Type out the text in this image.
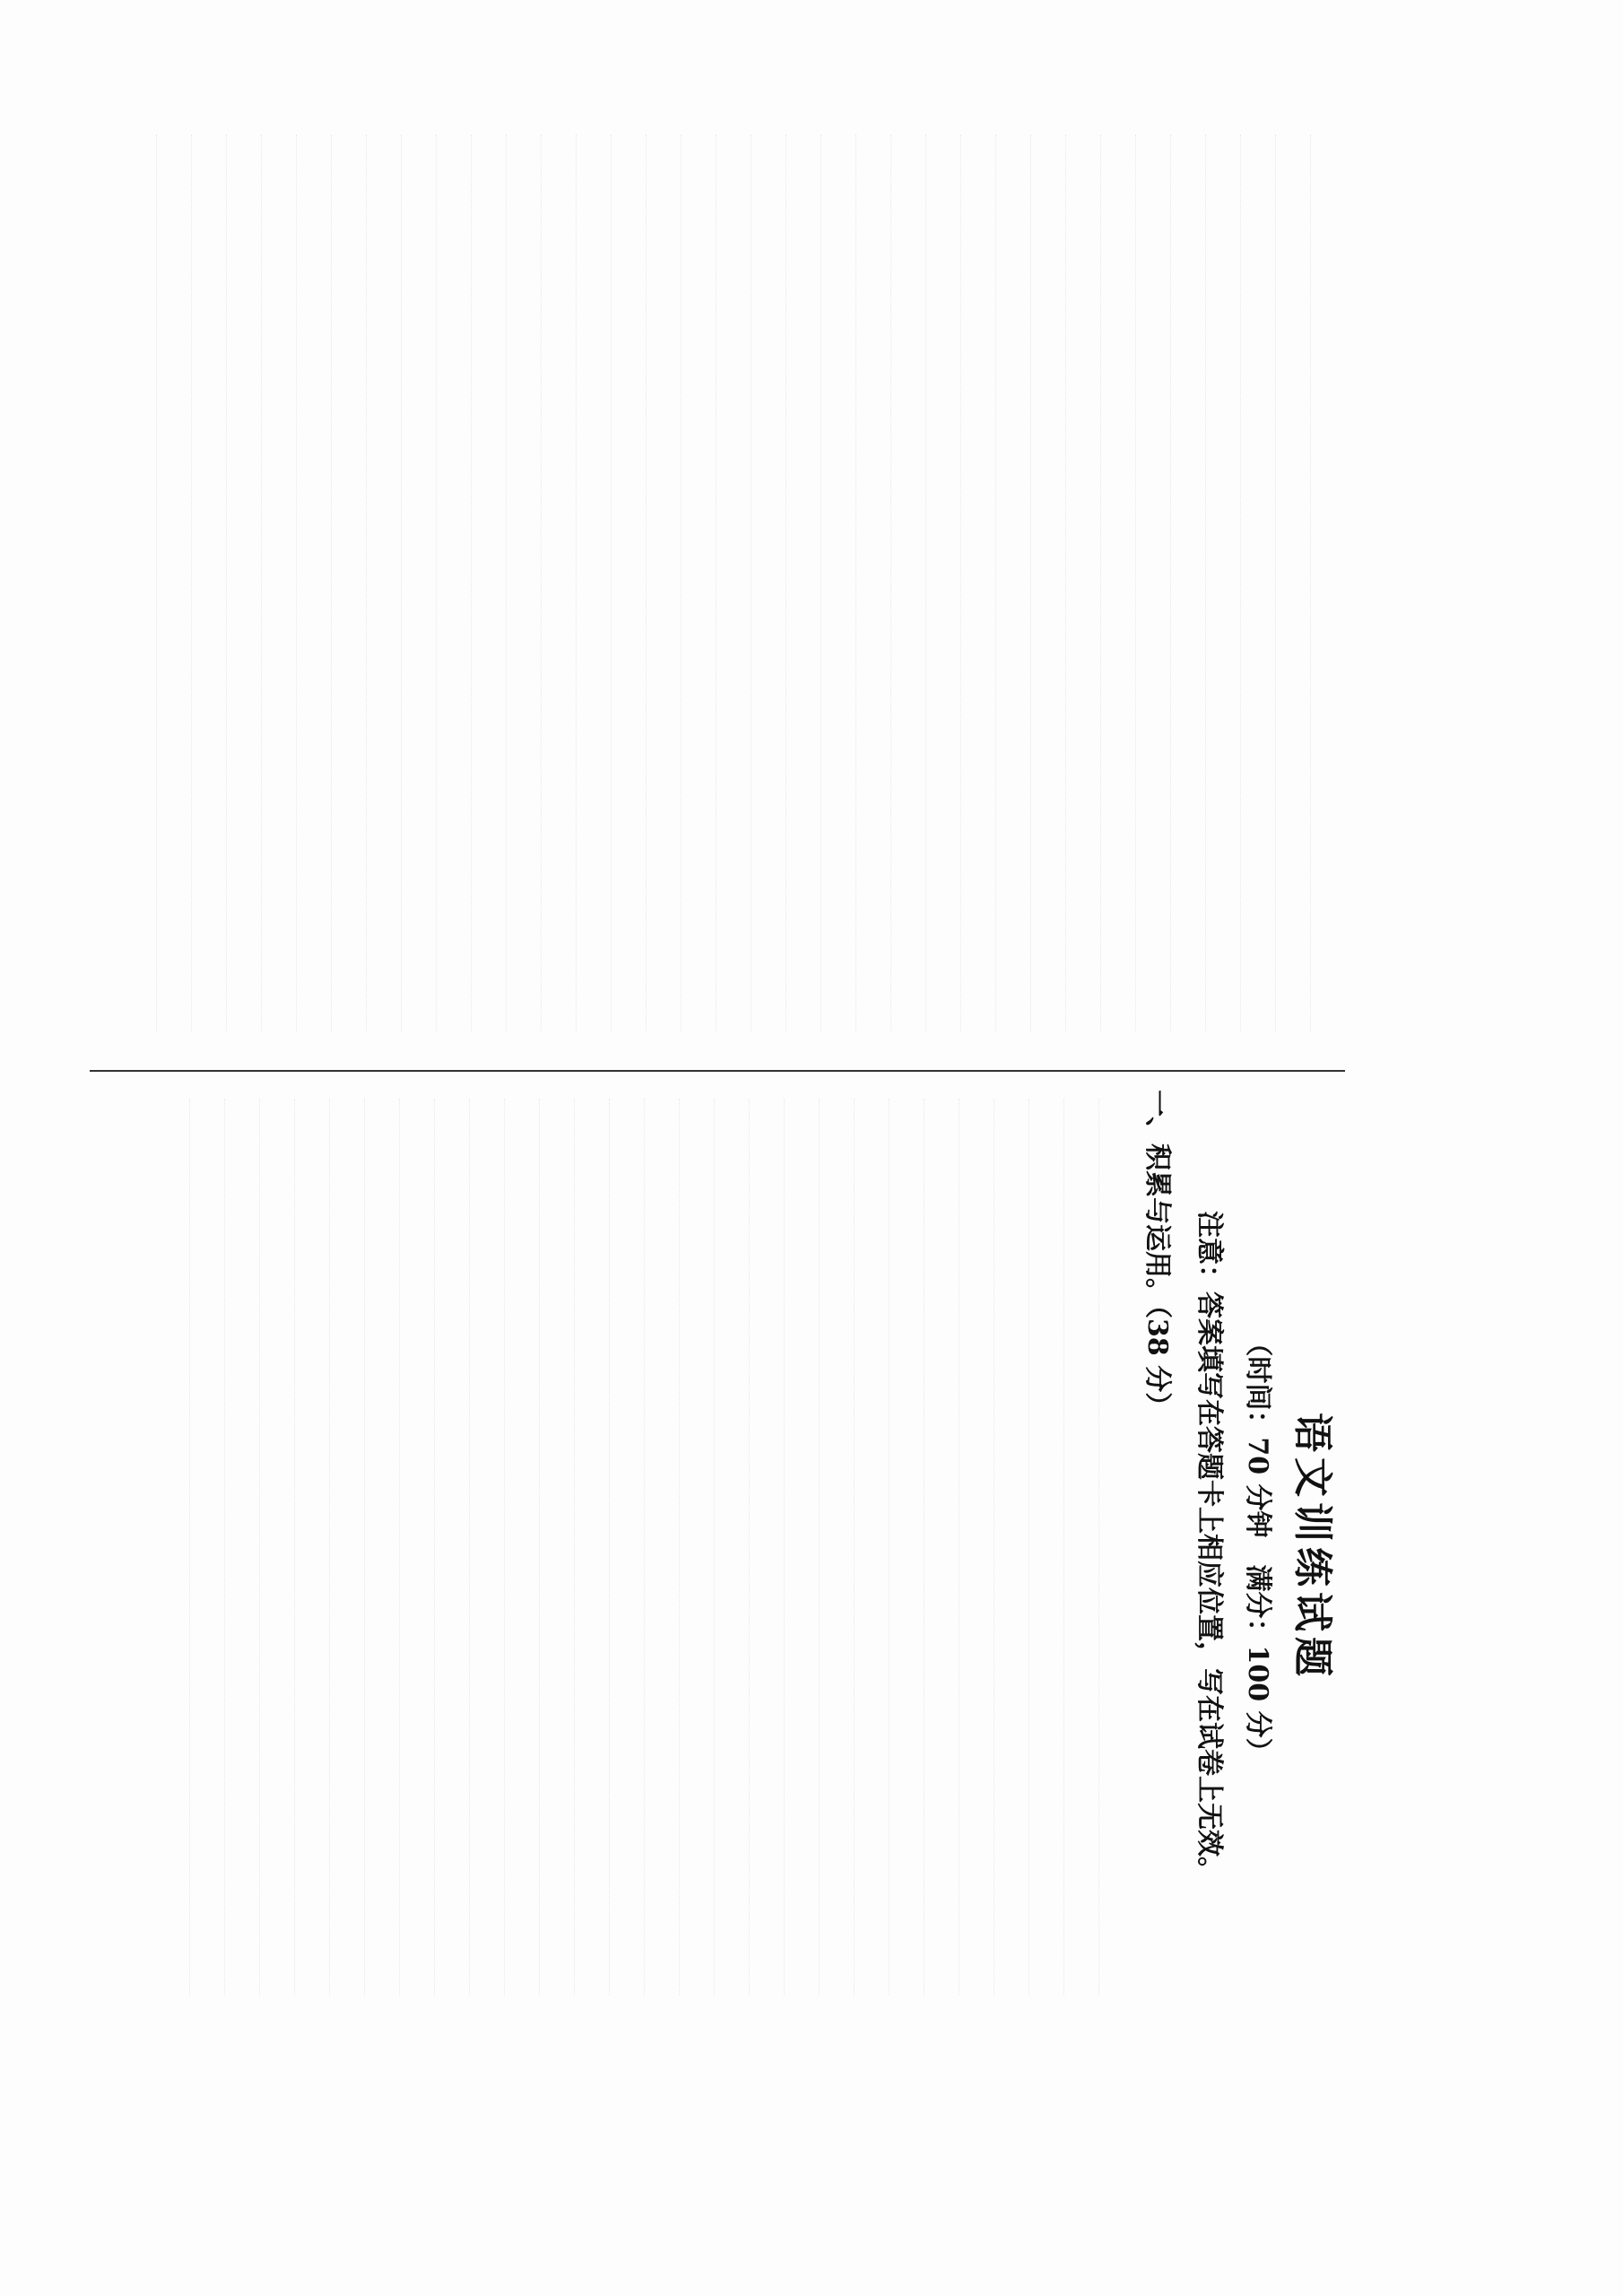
语文训练试题
（时间：70 分钟　满分：100 分）
注意：答案填写在答题卡上相应位置，写在试卷上无效。
一、积累与运用。（38 分）
